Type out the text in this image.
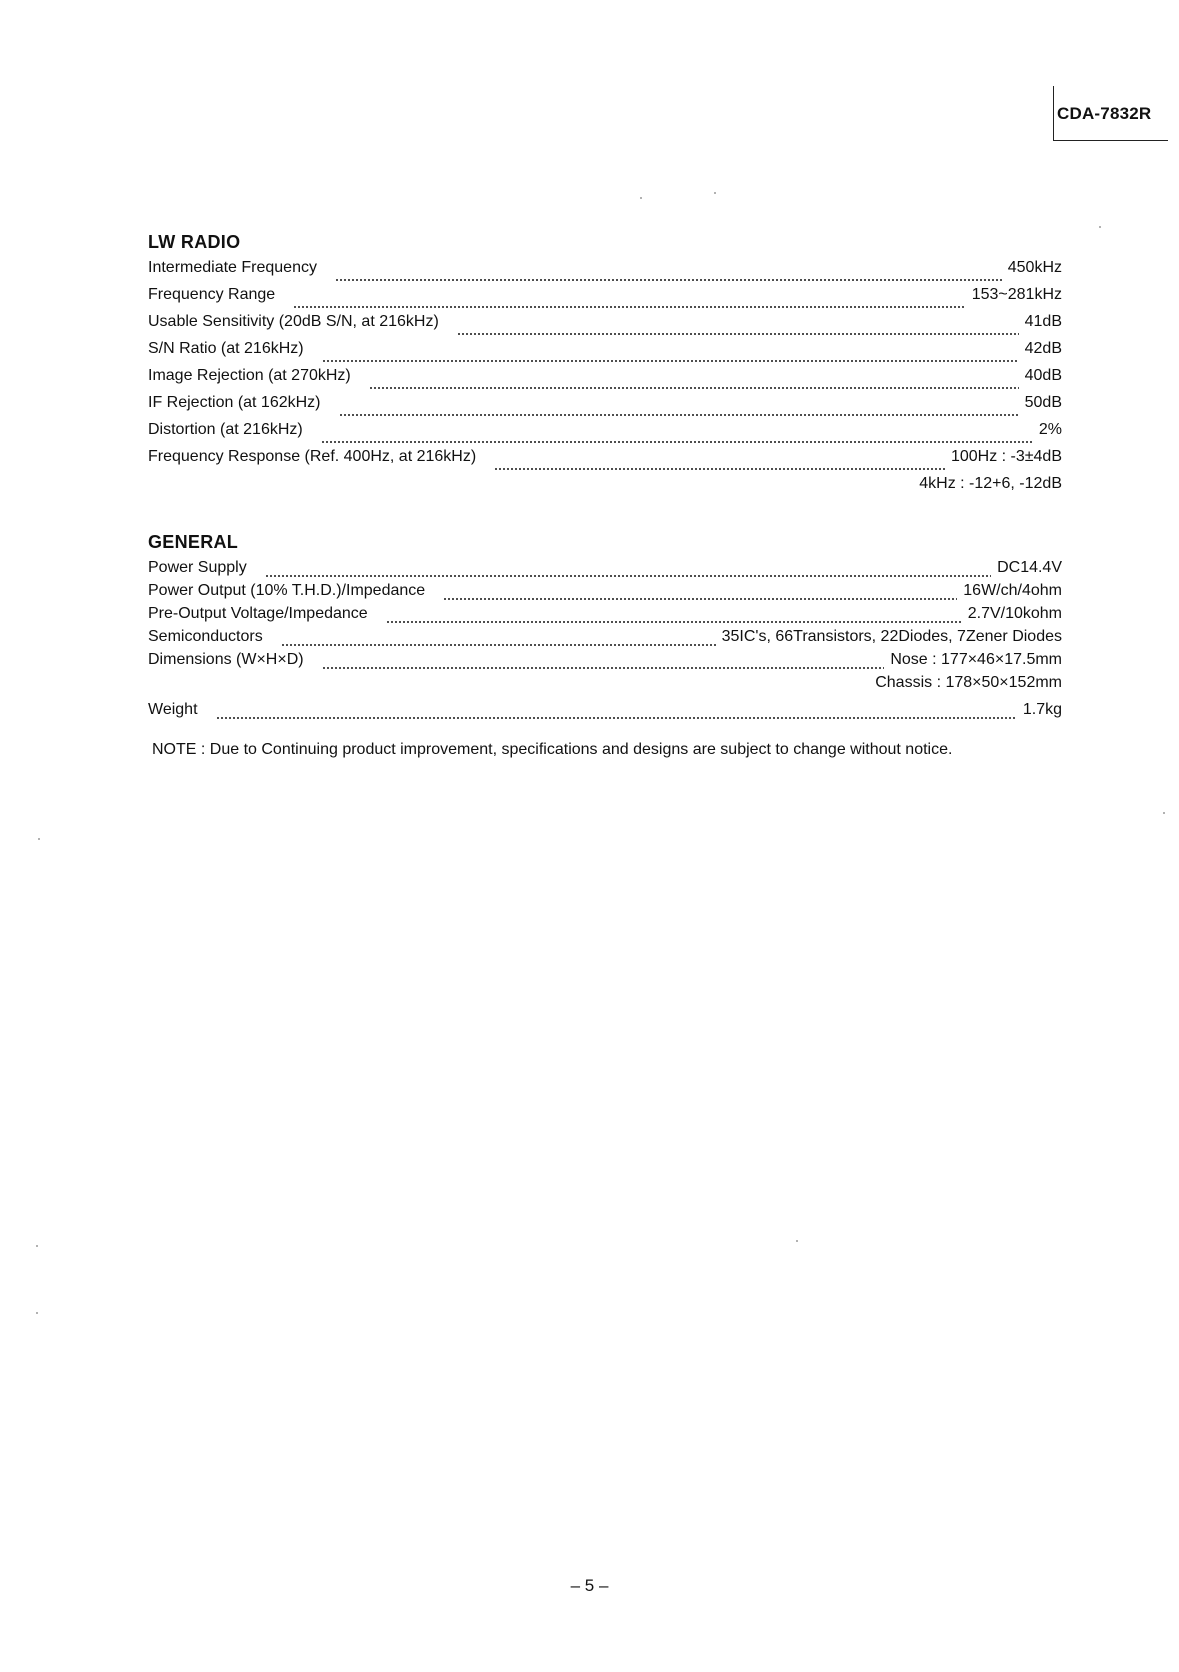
CDA-7832R
LW RADIO
Intermediate Frequency	450kHz
Frequency Range	153~281kHz
Usable Sensitivity (20dB S/N, at 216kHz)	41dB
S/N Ratio (at 216kHz)	42dB
Image Rejection (at 270kHz)	40dB
IF Rejection (at 162kHz)	50dB
Distortion (at 216kHz)	2%
Frequency Response (Ref. 400Hz, at 216kHz)	100Hz : -3±4dB
4kHz : -12+6, -12dB
GENERAL
Power Supply	DC14.4V
Power Output (10% T.H.D.)/Impedance	16W/ch/4ohm
Pre-Output Voltage/Impedance	2.7V/10kohm
Semiconductors	35IC's, 66Transistors, 22Diodes, 7Zener Diodes
Dimensions (W×H×D)	Nose : 177×46×17.5mm
Chassis : 178×50×152mm
Weight	1.7kg
NOTE : Due to Continuing product improvement, specifications and designs are subject to change without notice.
– 5 –
